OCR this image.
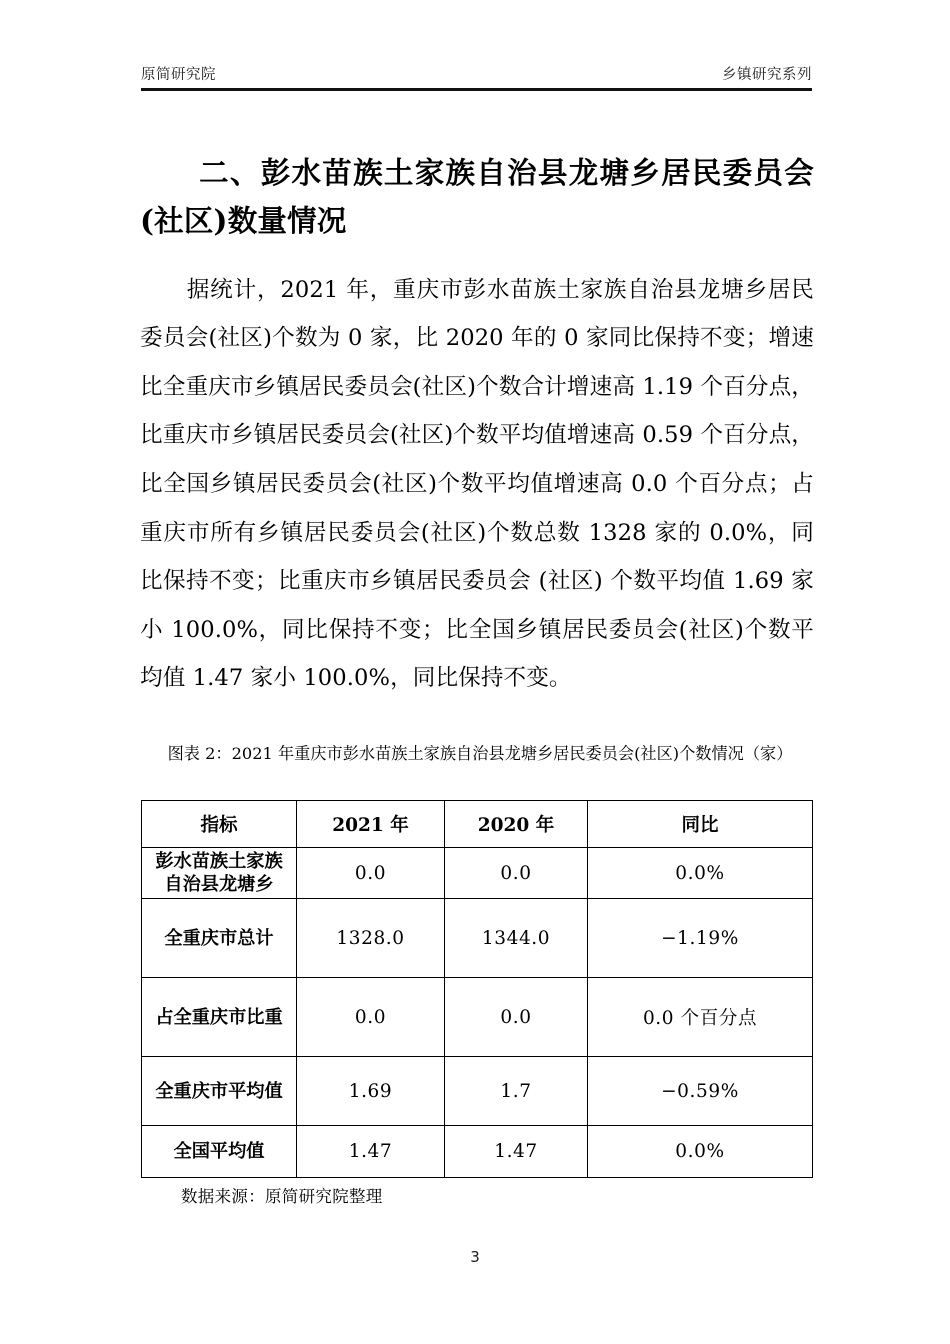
原简研究院	乡镇研究系列
二、彭水苗族土家族自治县龙塘乡居民委员会(社区)数量情况

据统计，2021 年，重庆市彭水苗族土家族自治县龙塘乡居民委员会(社区)个数为 0 家，比 2020 年的 0 家同比保持不变；增速比全重庆市乡镇居民委员会(社区)个数合计增速高 1.19 个百分点，比重庆市乡镇居民委员会(社区)个数平均值增速高 0.59 个百分点，比全国乡镇居民委员会(社区)个数平均值增速高 0.0 个百分点；占重庆市所有乡镇居民委员会(社区)个数总数 1328 家的 0.0%，同比保持不变；比重庆市乡镇居民委员会 (社区) 个数平均值 1.69 家小 100.0%，同比保持不变；比全国乡镇居民委员会(社区)个数平均值 1.47 家小 100.0%，同比保持不变。

图表 2：2021 年重庆市彭水苗族土家族自治县龙塘乡居民委员会(社区)个数情况（家）
指标	2021 年	2020 年	同比
彭水苗族土家族
自治县龙塘乡	0.0	0.0	0.0%
全重庆市总计	1328.0	1344.0	−1.19%
占全重庆市比重	0.0	0.0	0.0 个百分点
全重庆市平均值	1.69	1.7	−0.59%
全国平均值	1.47	1.47	0.0%
数据来源：原简研究院整理
3
